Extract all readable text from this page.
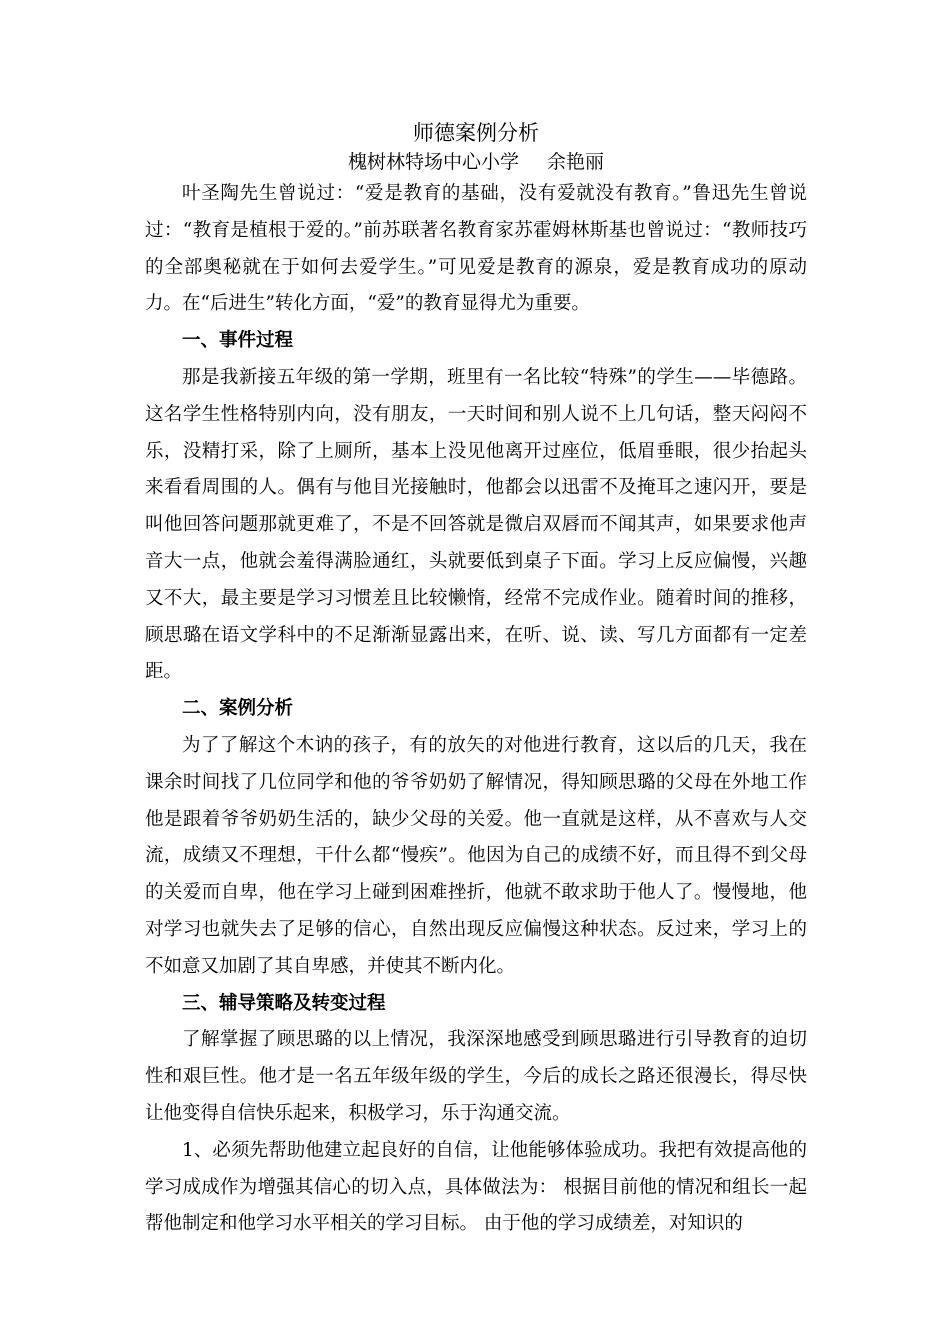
师德案例分析

槐树林特场中心小学 余艳丽

叶圣陶先生曾说过：“爱是教育的基础，没有爱就没有教育。”鲁迅先生曾说过：“教育是植根于爱的。”前苏联著名教育家苏霍姆林斯基也曾说过：“教师技巧的全部奥秘就在于如何去爱学生。”可见爱是教育的源泉，爱是教育成功的原动力。在“后进生”转化方面，“爱”的教育显得尤为重要。

一、事件过程

那是我新接五年级的第一学期，班里有一名比较“特殊”的学生——毕德路。 这名学生性格特别内向，没有朋友，一天时间和别人说不上几句话，整天闷闷不乐，没精打采，除了上厕所，基本上没见他离开过座位，低眉垂眼，很少抬起头来看看周围的人。偶有与他目光接触时，他都会以迅雷不及掩耳之速闪开，要是叫他回答问题那就更难了，不是不回答就是微启双唇而不闻其声，如果要求他声音大一点，他就会羞得满脸通红，头就要低到桌子下面。学习上反应偏慢，兴趣又不大，最主要是学习习惯差且比较懒惰，经常不完成作业。随着时间的推移，顾思璐在语文学科中的不足渐渐显露出来，在听、说、读、写几方面都有一定差距。

二、案例分析

为了了解这个木讷的孩子，有的放矢的对他进行教育，这以后的几天，我在课余时间找了几位同学和他的爷爷奶奶了解情况，得知顾思璐的父母在外地工作他是跟着爷爷奶奶生活的，缺少父母的关爱。他一直就是这样，从不喜欢与人交流，成绩又不理想，干什么都“慢疾”。他因为自己的成绩不好，而且得不到父母的关爱而自卑，他在学习上碰到困难挫折，他就不敢求助于他人了。慢慢地，他对学习也就失去了足够的信心，自然出现反应偏慢这种状态。反过来，学习上的不如意又加剧了其自卑感，并使其不断内化。

三、辅导策略及转变过程

了解掌握了顾思璐的以上情况，我深深地感受到顾思璐进行引导教育的迫切性和艰巨性。他才是一名五年级年级的学生，今后的成长之路还很漫长，得尽快让他变得自信快乐起来，积极学习，乐于沟通交流。

1、必须先帮助他建立起良好的自信，让他能够体验成功。我把有效提高他的学习成成作为增强其信心的切入点，具体做法为： 根据目前他的情况和组长一起帮他制定和他学习水平相关的学习目标。 由于他的学习成绩差，对知识的
